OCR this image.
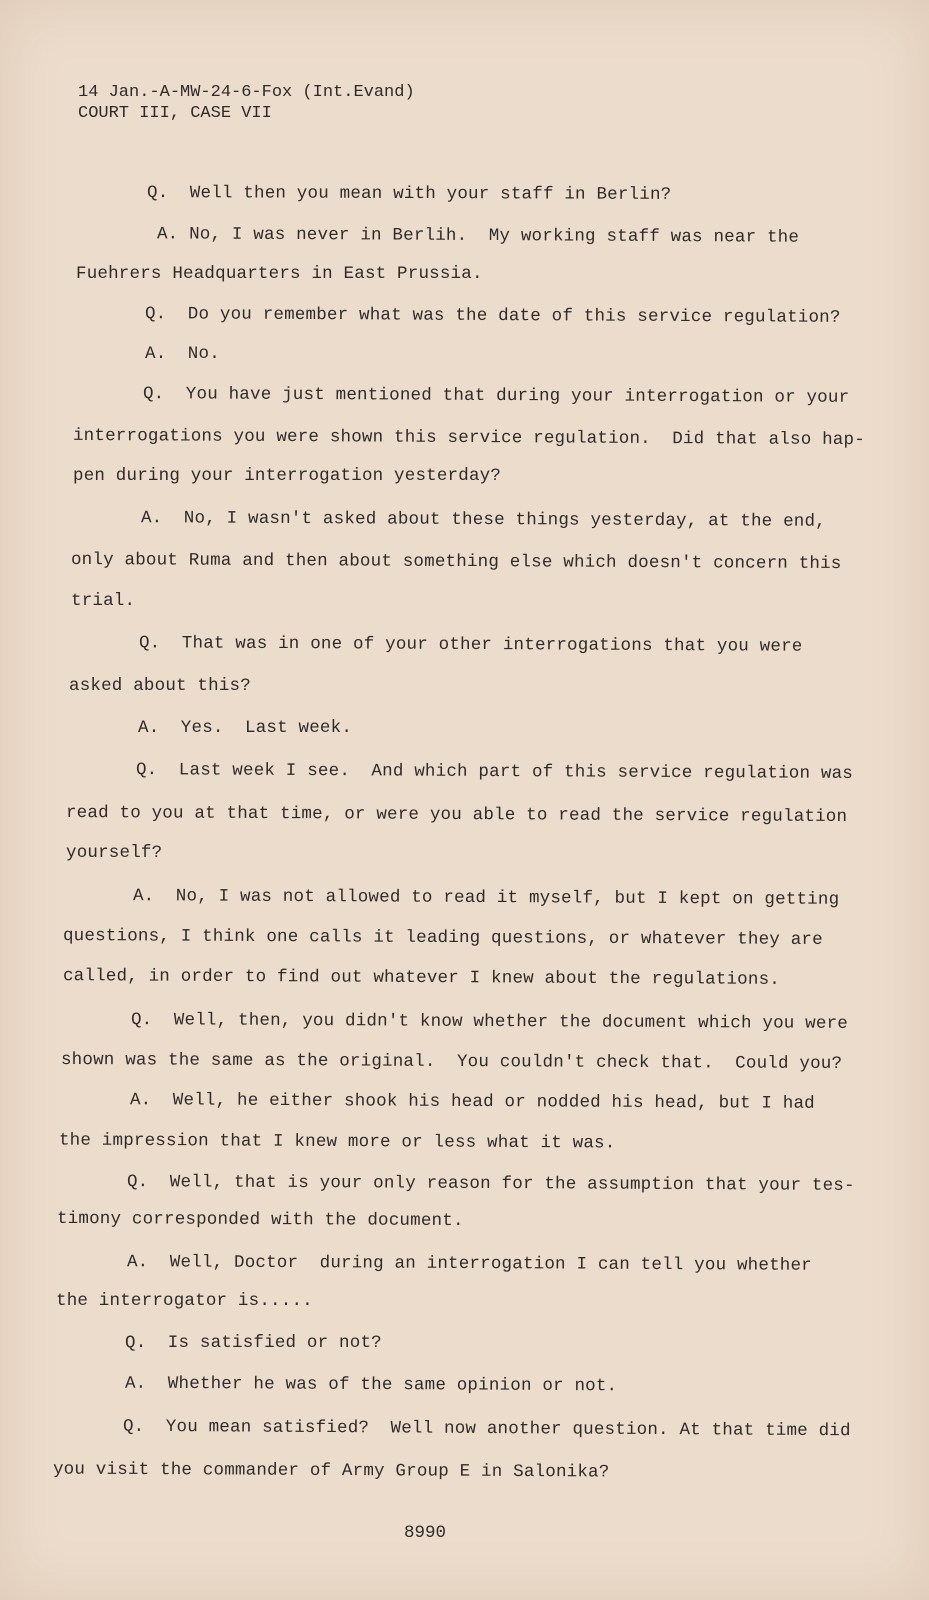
14 Jan.-A-MW-24-6-Fox (Int.Evand)
COURT III, CASE VII
Q.  Well then you mean with your staff in Berlin?
A. No, I was never in Berlih.  My working staff was near the
Fuehrers Headquarters in East Prussia.
Q.  Do you remember what was the date of this service regulation?
A.  No.
Q.  You have just mentioned that during your interrogation or your
interrogations you were shown this service regulation.  Did that also hap-
pen during your interrogation yesterday?
A.  No, I wasn't asked about these things yesterday, at the end,
only about Ruma and then about something else which doesn't concern this
trial.
Q.  That was in one of your other interrogations that you were
asked about this?
A.  Yes.  Last week.
Q.  Last week I see.  And which part of this service regulation was
read to you at that time, or were you able to read the service regulation
yourself?
A.  No, I was not allowed to read it myself, but I kept on getting
questions, I think one calls it leading questions, or whatever they are
called, in order to find out whatever I knew about the regulations.
Q.  Well, then, you didn't know whether the document which you were
shown was the same as the original.  You couldn't check that.  Could you?
A.  Well, he either shook his head or nodded his head, but I had
the impression that I knew more or less what it was.
Q.  Well, that is your only reason for the assumption that your tes-
timony corresponded with the document.
A.  Well, Doctor  during an interrogation I can tell you whether
the interrogator is.....
Q.  Is satisfied or not?
A.  Whether he was of the same opinion or not.
Q.  You mean satisfied?  Well now another question. At that time did
you visit the commander of Army Group E in Salonika?
8990
